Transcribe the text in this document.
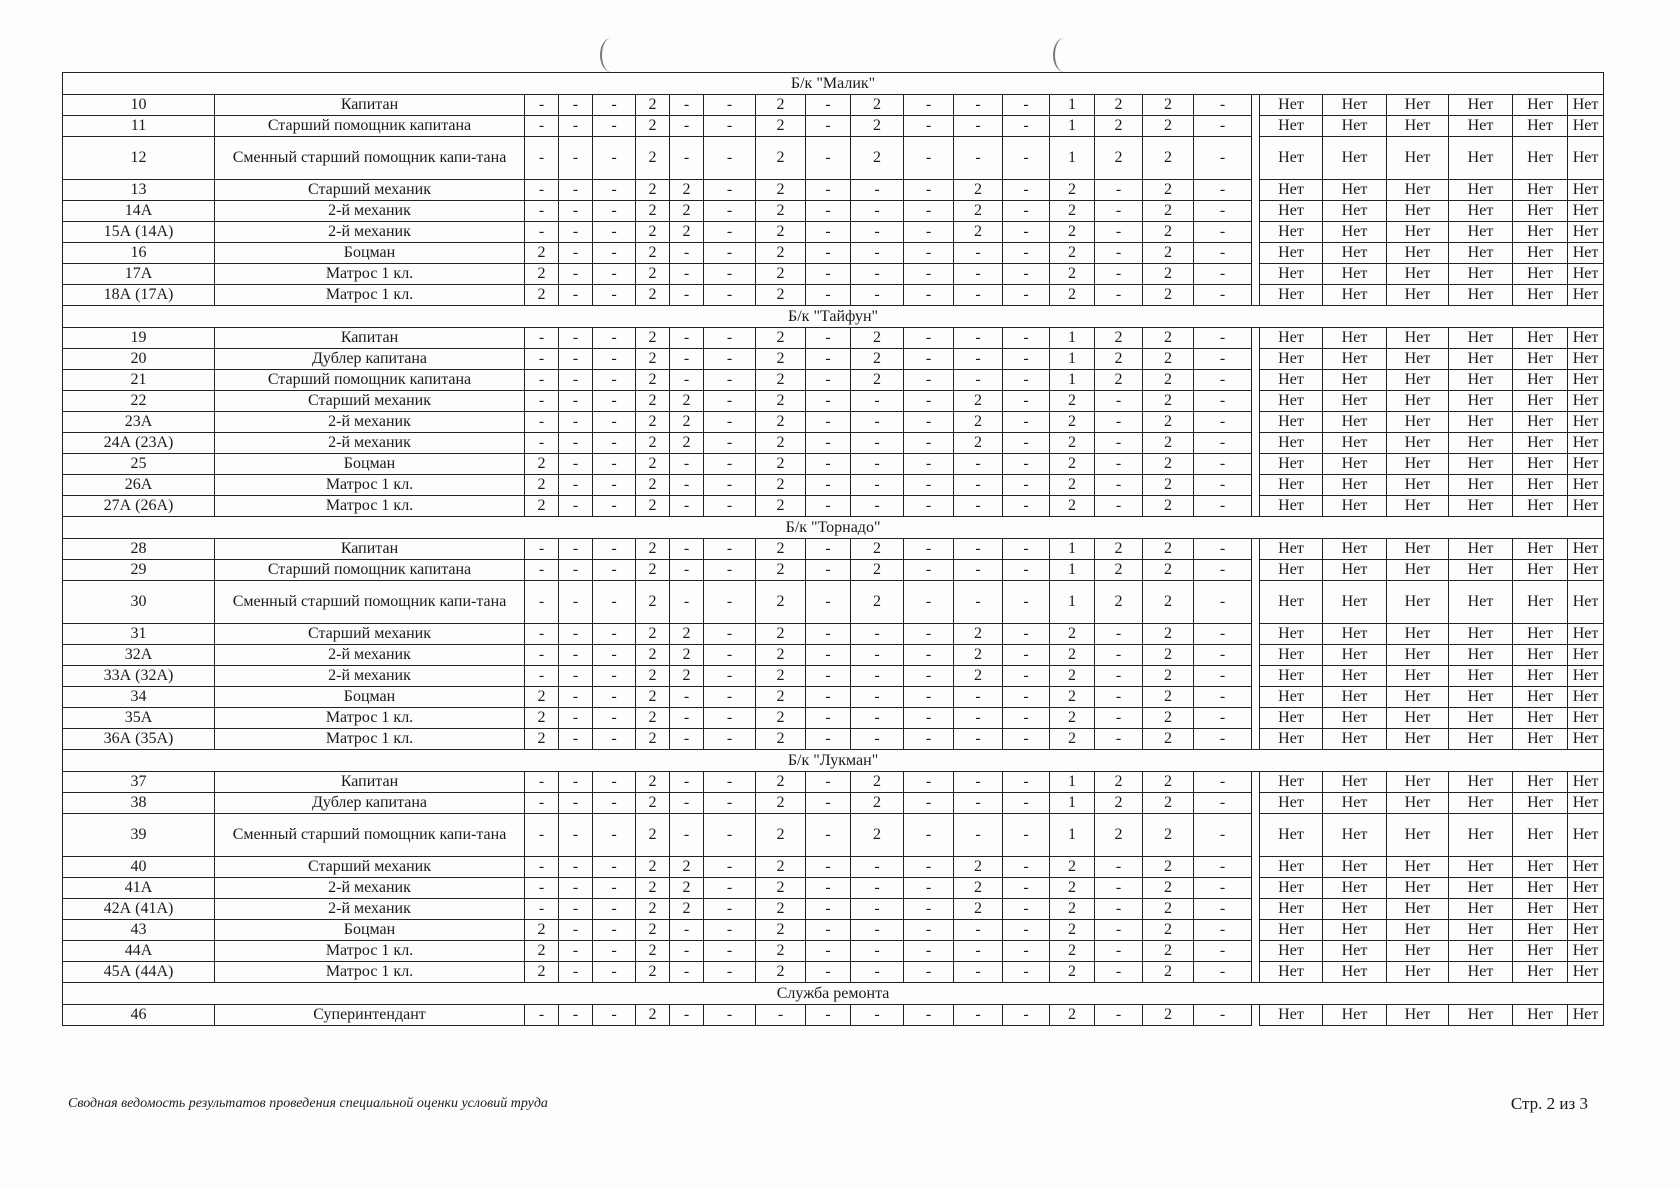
Б/к "Малик"																								
10	Капитан	-	-	-	2	-	-	2	-	2	-	-	-	1	2	2	-		Нет	Нет	Нет	Нет	Нет	Нет
11	Старший помощник капитана	-	-	-	2	-	-	2	-	2	-	-	-	1	2	2	-		Нет	Нет	Нет	Нет	Нет	Нет
12	Сменный старший помощник капи-тана	-	-	-	2	-	-	2	-	2	-	-	-	1	2	2	-		Нет	Нет	Нет	Нет	Нет	Нет
13	Старший механик	-	-	-	2	2	-	2	-	-	-	2	-	2	-	2	-		Нет	Нет	Нет	Нет	Нет	Нет
14А	2-й механик	-	-	-	2	2	-	2	-	-	-	2	-	2	-	2	-		Нет	Нет	Нет	Нет	Нет	Нет
15А (14А)	2-й механик	-	-	-	2	2	-	2	-	-	-	2	-	2	-	2	-		Нет	Нет	Нет	Нет	Нет	Нет
16	Боцман	2	-	-	2	-	-	2	-	-	-	-	-	2	-	2	-		Нет	Нет	Нет	Нет	Нет	Нет
17А	Матрос 1 кл.	2	-	-	2	-	-	2	-	-	-	-	-	2	-	2	-		Нет	Нет	Нет	Нет	Нет	Нет
18А (17А)	Матрос 1 кл.	2	-	-	2	-	-	2	-	-	-	-	-	2	-	2	-		Нет	Нет	Нет	Нет	Нет	Нет
Б/к "Тайфун"																								
19	Капитан	-	-	-	2	-	-	2	-	2	-	-	-	1	2	2	-		Нет	Нет	Нет	Нет	Нет	Нет
20	Дублер капитана	-	-	-	2	-	-	2	-	2	-	-	-	1	2	2	-		Нет	Нет	Нет	Нет	Нет	Нет
21	Старший помощник капитана	-	-	-	2	-	-	2	-	2	-	-	-	1	2	2	-		Нет	Нет	Нет	Нет	Нет	Нет
22	Старший механик	-	-	-	2	2	-	2	-	-	-	2	-	2	-	2	-		Нет	Нет	Нет	Нет	Нет	Нет
23А	2-й механик	-	-	-	2	2	-	2	-	-	-	2	-	2	-	2	-		Нет	Нет	Нет	Нет	Нет	Нет
24А (23А)	2-й механик	-	-	-	2	2	-	2	-	-	-	2	-	2	-	2	-		Нет	Нет	Нет	Нет	Нет	Нет
25	Боцман	2	-	-	2	-	-	2	-	-	-	-	-	2	-	2	-		Нет	Нет	Нет	Нет	Нет	Нет
26А	Матрос 1 кл.	2	-	-	2	-	-	2	-	-	-	-	-	2	-	2	-		Нет	Нет	Нет	Нет	Нет	Нет
27А (26А)	Матрос 1 кл.	2	-	-	2	-	-	2	-	-	-	-	-	2	-	2	-		Нет	Нет	Нет	Нет	Нет	Нет
Б/к "Торнадо"																								
28	Капитан	-	-	-	2	-	-	2	-	2	-	-	-	1	2	2	-		Нет	Нет	Нет	Нет	Нет	Нет
29	Старший помощник капитана	-	-	-	2	-	-	2	-	2	-	-	-	1	2	2	-		Нет	Нет	Нет	Нет	Нет	Нет
30	Сменный старший помощник капи-тана	-	-	-	2	-	-	2	-	2	-	-	-	1	2	2	-		Нет	Нет	Нет	Нет	Нет	Нет
31	Старший механик	-	-	-	2	2	-	2	-	-	-	2	-	2	-	2	-		Нет	Нет	Нет	Нет	Нет	Нет
32А	2-й механик	-	-	-	2	2	-	2	-	-	-	2	-	2	-	2	-		Нет	Нет	Нет	Нет	Нет	Нет
33А (32А)	2-й механик	-	-	-	2	2	-	2	-	-	-	2	-	2	-	2	-		Нет	Нет	Нет	Нет	Нет	Нет
34	Боцман	2	-	-	2	-	-	2	-	-	-	-	-	2	-	2	-		Нет	Нет	Нет	Нет	Нет	Нет
35А	Матрос 1 кл.	2	-	-	2	-	-	2	-	-	-	-	-	2	-	2	-		Нет	Нет	Нет	Нет	Нет	Нет
36А (35А)	Матрос 1 кл.	2	-	-	2	-	-	2	-	-	-	-	-	2	-	2	-		Нет	Нет	Нет	Нет	Нет	Нет
Б/к "Лукман"																								
37	Капитан	-	-	-	2	-	-	2	-	2	-	-	-	1	2	2	-		Нет	Нет	Нет	Нет	Нет	Нет
38	Дублер капитана	-	-	-	2	-	-	2	-	2	-	-	-	1	2	2	-		Нет	Нет	Нет	Нет	Нет	Нет
39	Сменный старший помощник капи-тана	-	-	-	2	-	-	2	-	2	-	-	-	1	2	2	-		Нет	Нет	Нет	Нет	Нет	Нет
40	Старший механик	-	-	-	2	2	-	2	-	-	-	2	-	2	-	2	-		Нет	Нет	Нет	Нет	Нет	Нет
41А	2-й механик	-	-	-	2	2	-	2	-	-	-	2	-	2	-	2	-		Нет	Нет	Нет	Нет	Нет	Нет
42А (41А)	2-й механик	-	-	-	2	2	-	2	-	-	-	2	-	2	-	2	-		Нет	Нет	Нет	Нет	Нет	Нет
43	Боцман	2	-	-	2	-	-	2	-	-	-	-	-	2	-	2	-		Нет	Нет	Нет	Нет	Нет	Нет
44А	Матрос 1 кл.	2	-	-	2	-	-	2	-	-	-	-	-	2	-	2	-		Нет	Нет	Нет	Нет	Нет	Нет
45А (44А)	Матрос 1 кл.	2	-	-	2	-	-	2	-	-	-	-	-	2	-	2	-		Нет	Нет	Нет	Нет	Нет	Нет
Служба ремонта																								
46	Суперинтендант	-	-	-	2	-	-	-	-	-	-	-	-	2	-	2	-		Нет	Нет	Нет	Нет	Нет	Нет
Сводная ведомость результатов проведения специальной оценки условий труда	Стр. 2 из 3
